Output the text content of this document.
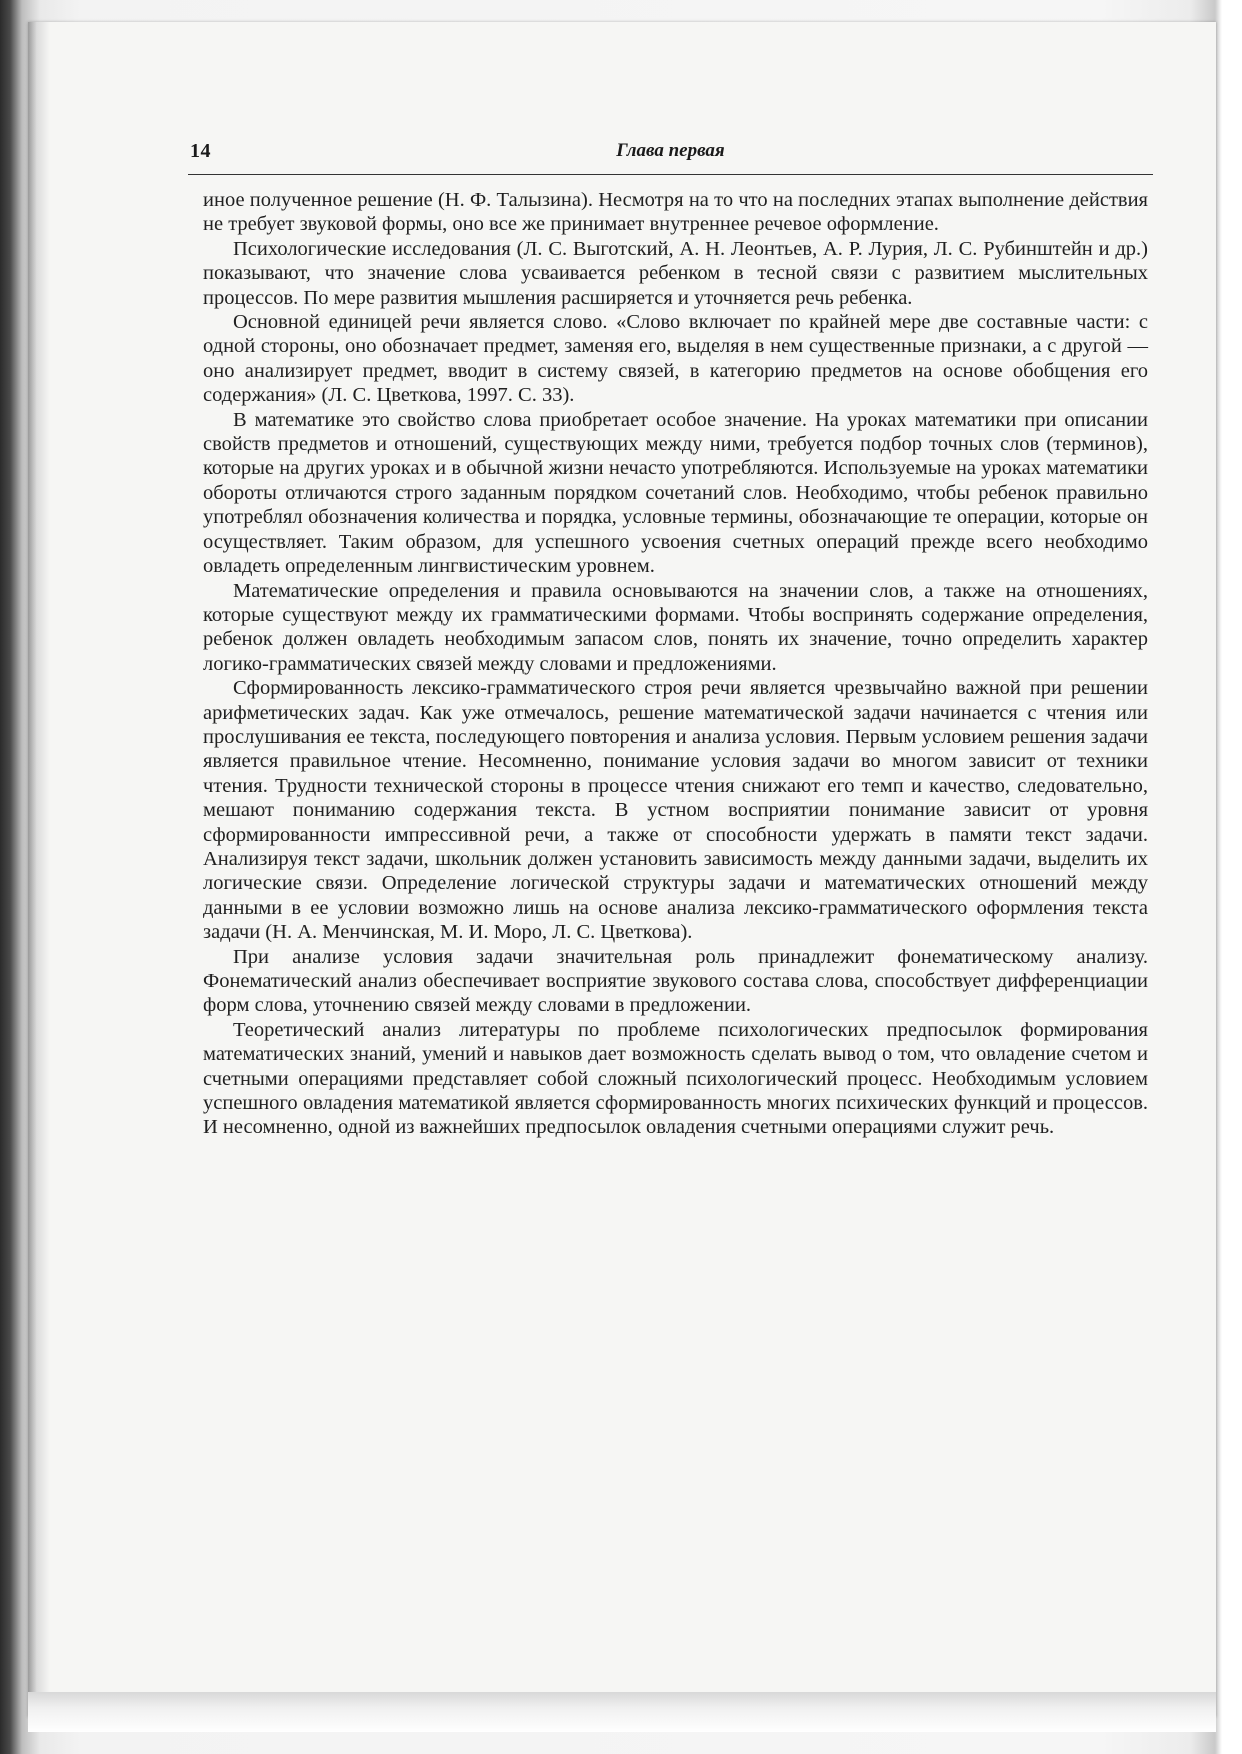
14	Глава первая

иное полученное решение (Н. Ф. Талызина). Несмотря на то что на последних этапах выполнение действия не требует звуковой формы, оно все же принимает внутреннее речевое оформление.

Психологические исследования (Л. С. Выготский, А. Н. Леонтьев, А. Р. Лурия, Л. С. Рубинштейн и др.) показывают, что значение слова усваивается ребенком в тесной связи с развитием мыслительных процессов. По мере развития мышления расширяется и уточняется речь ребенка.

Основной единицей речи является слово. «Слово включает по крайней мере две составные части: с одной стороны, оно обозначает предмет, заменяя его, выделяя в нем существенные признаки, а с другой — оно анализирует предмет, вводит в систему связей, в категорию предметов на основе обобщения его содержания» (Л. С. Цветкова, 1997. С. 33).

В математике это свойство слова приобретает особое значение. На уроках математики при описании свойств предметов и отношений, существующих между ними, требуется подбор точных слов (терминов), которые на других уроках и в обычной жизни нечасто употребляются. Используемые на уроках математики обороты отличаются строго заданным порядком сочетаний слов. Необходимо, чтобы ребенок правильно употреблял обозначения количества и порядка, условные термины, обозначающие те операции, которые он осуществляет. Таким образом, для успешного усвоения счетных операций прежде всего необходимо овладеть определенным лингвистическим уровнем.

Математические определения и правила основываются на значении слов, а также на отношениях, которые существуют между их грамматическими формами. Чтобы воспринять содержание определения, ребенок должен овладеть необходимым запасом слов, понять их значение, точно определить характер логико-грамматических связей между словами и предложениями.

Сформированность лексико-грамматического строя речи является чрезвычайно важной при решении арифметических задач. Как уже отмечалось, решение математической задачи начинается с чтения или прослушивания ее текста, последующего повторения и анализа условия. Первым условием решения задачи является правильное чтение. Несомненно, понимание условия задачи во многом зависит от техники чтения. Трудности технической стороны в процессе чтения снижают его темп и качество, следовательно, мешают пониманию содержания текста. В устном восприятии понимание зависит от уровня сформированности импрессивной речи, а также от способности удержать в памяти текст задачи. Анализируя текст задачи, школьник должен установить зависимость между данными задачи, выделить их логические связи. Определение логической структуры задачи и математических отношений между данными в ее условии возможно лишь на основе анализа лексико-грамматического оформления текста задачи (Н. А. Менчинская, М. И. Моро, Л. С. Цветкова).

При анализе условия задачи значительная роль принадлежит фонематическому анализу. Фонематический анализ обеспечивает восприятие звукового состава слова, способствует дифференциации форм слова, уточнению связей между словами в предложении.

Теоретический анализ литературы по проблеме психологических предпосылок формирования математических знаний, умений и навыков дает возможность сделать вывод о том, что овладение счетом и счетными операциями представляет собой сложный психологический процесс. Необходимым условием успешного овладения математикой является сформированность многих психических функций и процессов. И несомненно, одной из важнейших предпосылок овладения счетными операциями служит речь.
